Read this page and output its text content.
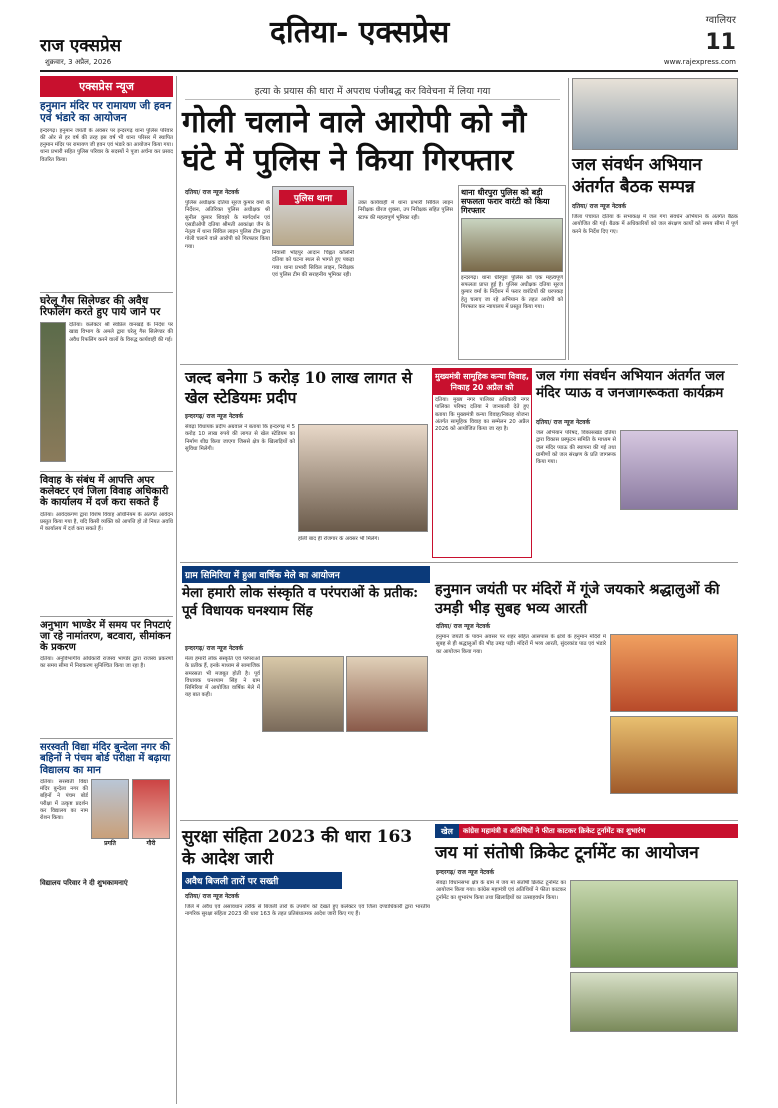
राज एक्सप्रेस	दतिया- एक्सप्रेस	ग्वालियर
11
शुक्रवार, 3 अप्रैल, 2026	www.rajexpress.com
एक्सप्रेस न्यूज
हनुमान मंदिर पर रामायण जी हवन एवं भंडारे का आयोजन
इन्दरगढ़। हनुमान जयंती के अवसर पर इन्दरगढ़ थाना पुलिस परिवार की ओर से हर वर्ष की तरह इस वर्ष भी थाना परिसर में स्थापित हनुमान मंदिर पर रामायण जी हवन एवं भंडारे का आयोजन किया गया। थाना प्रभारी सहित पुलिस परिवार के सदस्यों ने पूजा अर्चना कर प्रसाद वितरित किया।
घरेलू गैस सिलेण्डर की अवैध रिफलिंग करते हुए पाये जाने पर
दतिया। कलेक्टर श्री स्वप्निल वानखड़े के निर्देश पर खाद्य विभाग के अमले द्वारा घरेलू गैस सिलेण्डर की अवैध रिफलिंग करने वालों के विरुद्ध कार्यवाही की गई।
विवाह के संबंध में आपत्ति अपर कलेक्टर एवं जिला विवाह अधिकारी के कार्यालय में दर्ज करा सकते हैं
दतिया। आवेदकगण द्वारा विशेष विवाह अधिनियम के अंतर्गत आवेदन प्रस्तुत किया गया है, यदि किसी व्यक्ति को आपत्ति हो तो नियत अवधि में कार्यालय में दर्ज करा सकते हैं।
अनुभाग भाण्डेर में समय पर निपटाएं जा रहे नामांतरण, बटवारा, सीमांकन के प्रकरण
दतिया। अनुविभागीय अधिकारी राजस्व भाण्डेर द्वारा राजस्व प्रकरणों का समय सीमा में निराकरण सुनिश्चित किया जा रहा है।
सरस्वती विद्या मंदिर बुन्देला नगर की बहिनों ने पंचम बोर्ड परीक्षा में बढ़ाया विद्यालय का मान
दतिया। सरस्वती विद्या मंदिर बुन्देला नगर की बहिनों ने पंचम बोर्ड परीक्षा में उत्कृष्ट प्रदर्शन कर विद्यालय का नाम रोशन किया।
प्रगति	गौरी
विद्यालय परिवार ने दी शुभकामनाएं
हत्या के प्रयास की धारा में अपराध पंजीबद्ध कर विवेचना में लिया गया
गोली चलाने वाले आरोपी को नौ घंटे में पुलिस ने किया गिरफ्तार
दतिया/ राज न्यूज नेटवर्क
पुलिस थाना
पुलिस अधीक्षक दतिया सूरज कुमार वर्मा के निर्देशन, अतिरिक्त पुलिस अधीक्षक श्री सुनील कुमार शिवहरे के मार्गदर्शन एवं एसडीओपी दतिया श्रीमती आकांक्षा जैन के नेतृत्व में थाना सिविल लाइन पुलिस टीम द्वारा गोली चलाने वाले आरोपी को गिरफ्तार किया गया।
निवासी भोड़पुर आदान चिह्नत कॉलोनी दतिया को घटना स्थल से भागते हुए पकड़ा गया। थाना प्रभारी सिविल लाइन, निरीक्षक एवं पुलिस टीम की सराहनीय भूमिका रही।
उक्त कार्यवाही में थाना प्रभारी सिविल लाइन निरीक्षक धीरज शुक्ला, उप निरीक्षक सहित पुलिस स्टाफ की महत्वपूर्ण भूमिका रही।
थाना धीरपुरा पुलिस को बड़ी सफलता फरार वारंटी को किया गिरफ्तार
इन्दरगढ़। थाना धीरपुरा पुलिस को एक महत्वपूर्ण सफलता प्राप्त हुई है। पुलिस अधीक्षक दतिया सूरज कुमार वर्मा के निर्देशन में फरार वारंटियों की धरपकड़ हेतु चलाए जा रहे अभियान के तहत आरोपी को गिरफ्तार कर न्यायालय में प्रस्तुत किया गया।
जल संवर्धन अभियान अंतर्गत बैठक सम्पन्न
दतिया/ राज न्यूज नेटवर्क
जिला पंचायत दतिया के सभाकक्ष में जल गंगा संवर्धन अभियान के अंतर्गत बैठक आयोजित की गई। बैठक में अधिकारियों को जल संरक्षण कार्यों को समय सीमा में पूर्ण करने के निर्देश दिए गए।
जल्द बनेगा 5 करोड़ 10 लाख लागत से खेल स्टेडियमः प्रदीप
इन्दरगढ़/ राज न्यूज नेटवर्क
सेवढ़ा विधायक प्रदीप अग्रवाल ने बताया कि इन्दरगढ़ में 5 करोड़ 10 लाख रुपये की लागत से खेल स्टेडियम का निर्माण शीघ्र किया जाएगा जिससे क्षेत्र के खिलाड़ियों को सुविधा मिलेगी।
होली बाद ही रोजगार के अवसर भी मिलेंगे।
मुख्यमंत्री सामूहिक कन्या विवाह, निकाह 20 अप्रैल को
दतिया। मुख्य नगर पालिका अधिकारी नगर पालिका परिषद दतिया ने जानकारी देते हुए बताया कि मुख्यमंत्री कन्या विवाह/निकाह योजना अंतर्गत सामूहिक विवाह का सम्मेलन 20 अप्रैल 2026 को आयोजित किया जा रहा है।
जल गंगा संवर्धन अभियान अंतर्गत जल मंदिर प्याऊ व जनजागरूकता कार्यक्रम
दतिया/ राज न्यूज नेटवर्क
जल अभियान परिषद, विकासखंड दतिया द्वारा विकास प्रस्फुटन समिति के माध्यम से जल मंदिर प्याऊ की स्थापना की गई तथा ग्रामीणों को जल संरक्षण के प्रति जागरूक किया गया।
ग्राम सिमिरिया में हुआ वार्षिक मेले का आयोजन
मेला हमारी लोक संस्कृति व परंपराओं के प्रतीक: पूर्व विधायक घनश्याम सिंह
इन्दरगढ़/ राज न्यूज नेटवर्क
मेला हमारी लोक संस्कृति एवं परंपराओं के प्रतीक हैं, इनके माध्यम से सामाजिक समरसता भी मजबूत होती है। पूर्व विधायक घनश्याम सिंह ने ग्राम सिमिरिया में आयोजित वार्षिक मेले में यह बात कही।
हनुमान जयंती पर मंदिरों में गूंजे जयकारे श्रद्धालुओं की उमड़ी भीड़ सुबह भव्य आरती
दतिया/ राज न्यूज नेटवर्क
हनुमान जयंती के पावन अवसर पर शहर सहित आसपास के क्षेत्रों के हनुमान मंदिरों में सुबह से ही श्रद्धालुओं की भीड़ उमड़ पड़ी। मंदिरों में भव्य आरती, सुंदरकांड पाठ एवं भंडारे का आयोजन किया गया।
सुरक्षा संहिता 2023 की धारा 163 के आदेश जारी
अवैध बिजली तारों पर सख्ती
दतिया/ राज न्यूज नेटवर्क
जिले में अवैध एवं असावधान तरीके से बिजली तारों के उपयोग को देखते हुए कलेक्टर एवं जिला दण्डाधिकारी द्वारा भारतीय नागरिक सुरक्षा संहिता 2023 की धारा 163 के तहत प्रतिबंधात्मक आदेश जारी किए गए हैं।
खेल	कांग्रेस महामंत्री व अतिथियों ने फीता काटकर क्रिकेट टूर्नामेंट का शुभारंभ
जय मां संतोषी क्रिकेट टूर्नामेंट का आयोजन
इन्दरगढ़/ राज न्यूज नेटवर्क
सेवढ़ा विधानसभा क्षेत्र के ग्राम में जय मां संतोषी क्रिकेट टूर्नामेंट का आयोजन किया गया। कांग्रेस महामंत्री एवं अतिथियों ने फीता काटकर टूर्नामेंट का शुभारंभ किया तथा खिलाड़ियों का उत्साहवर्धन किया।
